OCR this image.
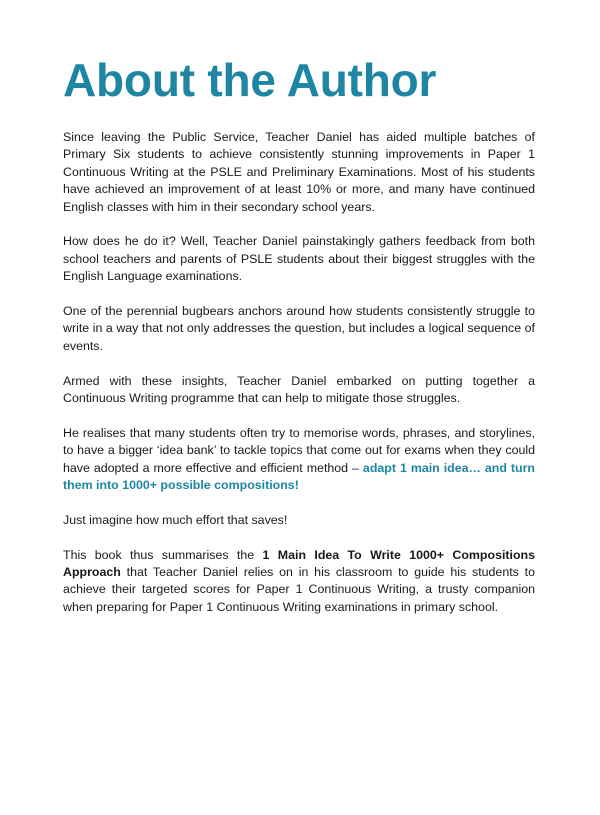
About the Author

Since leaving the Public Service, Teacher Daniel has aided multiple batches of Primary Six students to achieve consistently stunning improvements in Paper 1 Continuous Writing at the PSLE and Preliminary Examinations. Most of his students have achieved an improvement of at least 10% or more, and many have continued English classes with him in their secondary school years.

How does he do it? Well, Teacher Daniel painstakingly gathers feedback from both school teachers and parents of PSLE students about their biggest struggles with the English Language examinations.

One of the perennial bugbears anchors around how students consistently struggle to write in a way that not only addresses the question, but includes a logical sequence of events.

Armed with these insights, Teacher Daniel embarked on putting together a Continuous Writing programme that can help to mitigate those struggles.

He realises that many students often try to memorise words, phrases, and storylines, to have a bigger ‘idea bank’ to tackle topics that come out for exams when they could have adopted a more effective and efficient method – adapt 1 main idea… and turn them into 1000+ possible compositions!

Just imagine how much effort that saves!

This book thus summarises the 1 Main Idea To Write 1000+ Compositions Approach that Teacher Daniel relies on in his classroom to guide his students to achieve their targeted scores for Paper 1 Continuous Writing, a trusty companion when preparing for Paper 1 Continuous Writing examinations in primary school.
